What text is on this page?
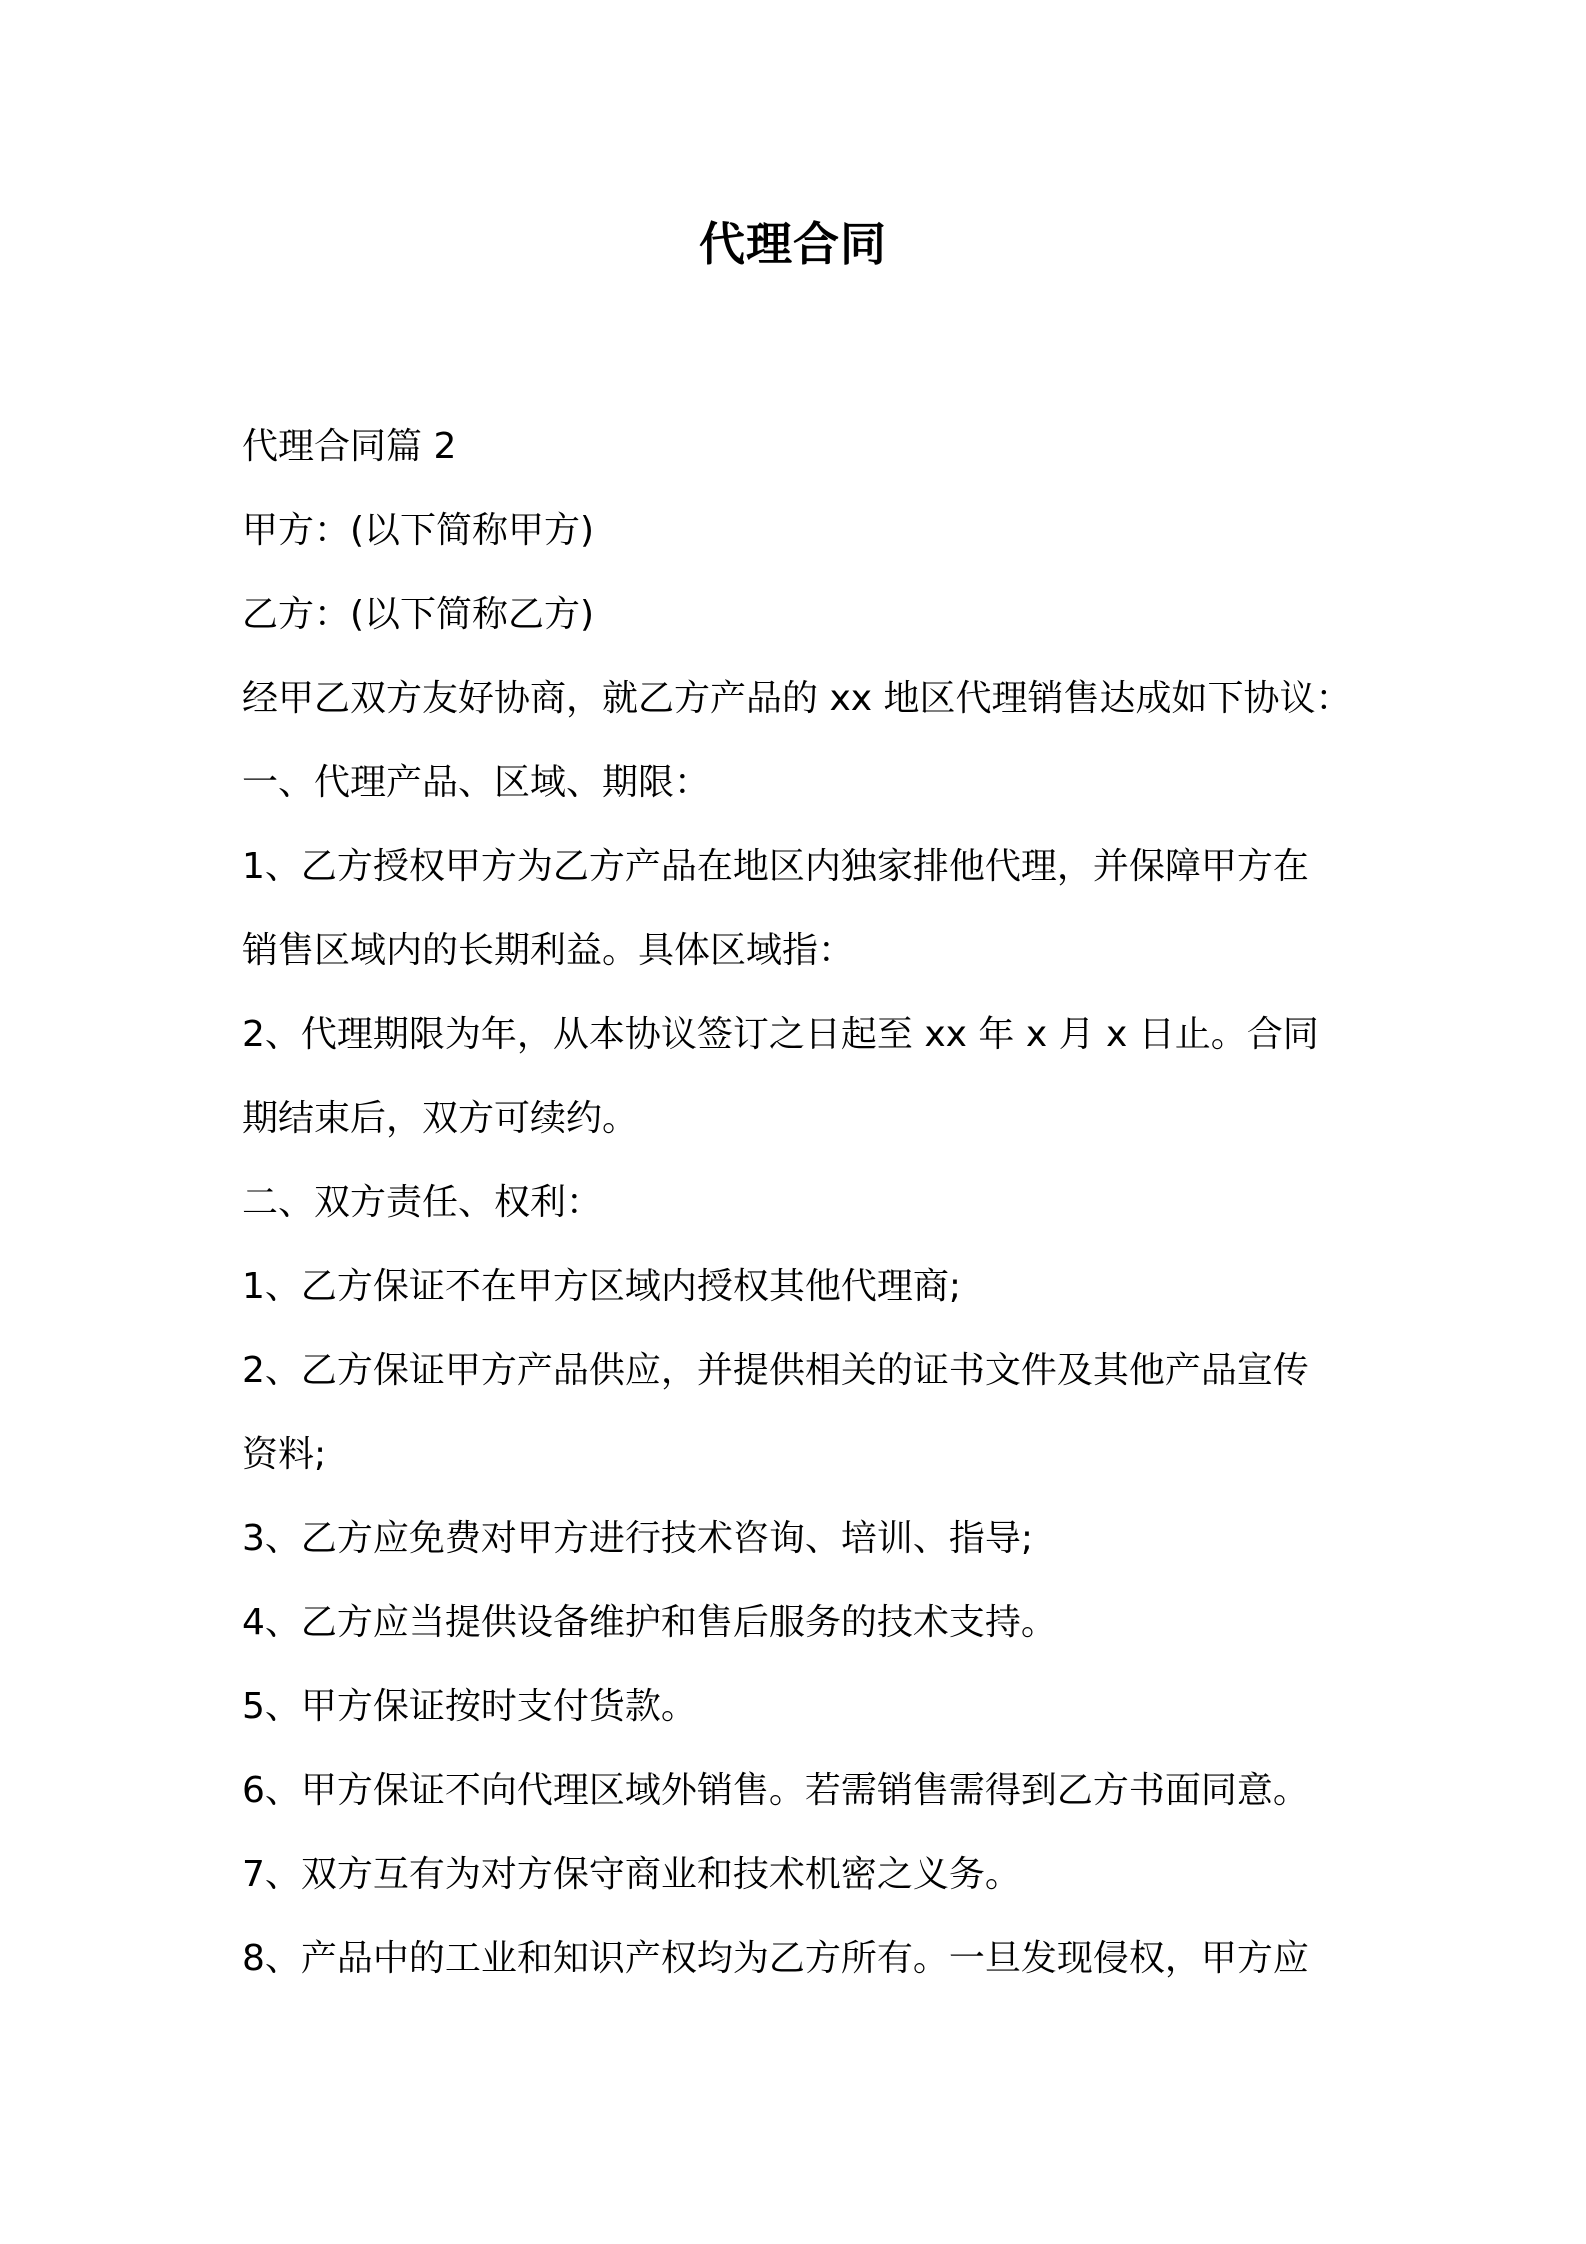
代理合同

代理合同篇 2

甲方：(以下简称甲方)

乙方：(以下简称乙方)

经甲乙双方友好协商，就乙方产品的 xx 地区代理销售达成如下协议：

一、代理产品、区域、期限：

1、乙方授权甲方为乙方产品在地区内独家排他代理，并保障甲方在

销售区域内的长期利益。具体区域指：

2、代理期限为年，从本协议签订之日起至 xx 年 x 月 x 日止。合同

期结束后，双方可续约。

二、双方责任、权利：

1、乙方保证不在甲方区域内授权其他代理商;

2、乙方保证甲方产品供应，并提供相关的证书文件及其他产品宣传

资料;

3、乙方应免费对甲方进行技术咨询、培训、指导;

4、乙方应当提供设备维护和售后服务的技术支持。

5、甲方保证按时支付货款。

6、甲方保证不向代理区域外销售。若需销售需得到乙方书面同意。

7、双方互有为对方保守商业和技术机密之义务。

8、产品中的工业和知识产权均为乙方所有。一旦发现侵权，甲方应
